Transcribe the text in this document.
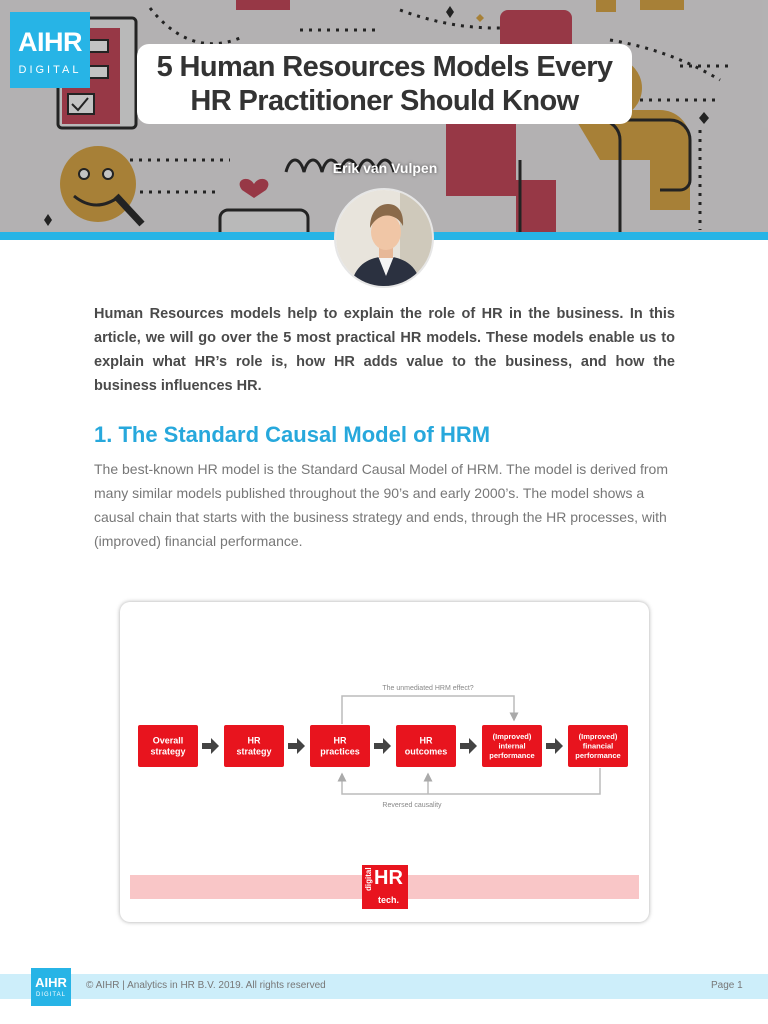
AIHR
DIGITAL	5 Human Resources Models Every
HR Practitioner Should Know
Erik van Vulpen

Human Resources models help to explain the role of HR in the business. In this article, we will go over the 5 most practical HR models. These models enable us to explain what HR’s role is, how HR adds value to the business, and how the business influences HR.

1. The Standard Causal Model of HRM

The best-known HR model is the Standard Causal Model of HRM. The model is derived from many similar models published throughout the 90’s and early 2000’s. The model shows a causal chain that starts with the business strategy and ends, through the HR processes, with (improved) financial performance.

The unmediated HRM effect?
Reversed causality
Overall
strategy
HR
strategy
HR
practices
HR
outcomes
(Improved)
internal
performance
(Improved)
financial
performance
digital HR
tech.
AIHR
DIGITAL
© AIHR | Analytics in HR B.V. 2019. All rights reserved	Page 1
